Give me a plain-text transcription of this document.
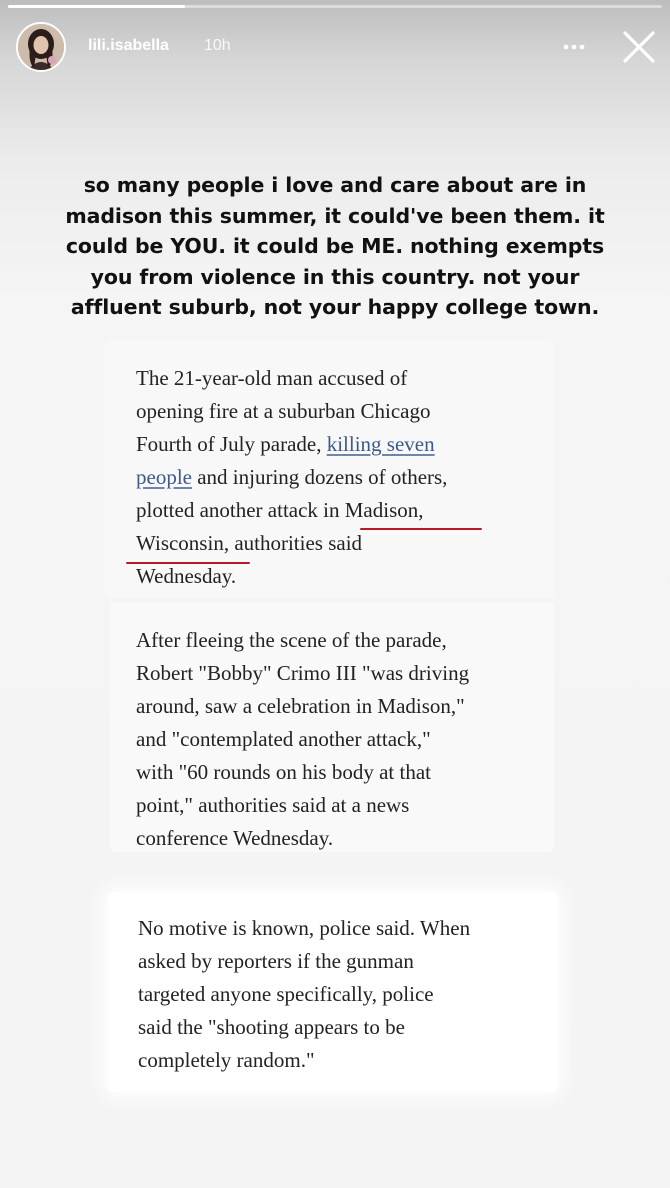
lili.isabella 10h
so many people i love and care about are in
madison this summer, it could've been them. it
could be YOU. it could be ME. nothing exempts
you from violence in this country. not your
affluent suburb, not your happy college town.
The 21-year-old man accused of
opening fire at a suburban Chicago
Fourth of July parade, killing seven
people and injuring dozens of others,
plotted another attack in Madison,
Wisconsin, authorities said
Wednesday.
After fleeing the scene of the parade,
Robert "Bobby" Crimo III "was driving
around, saw a celebration in Madison,"
and "contemplated another attack,"
with "60 rounds on his body at that
point," authorities said at a news
conference Wednesday.
No motive is known, police said. When
asked by reporters if the gunman
targeted anyone specifically, police
said the "shooting appears to be
completely random."
